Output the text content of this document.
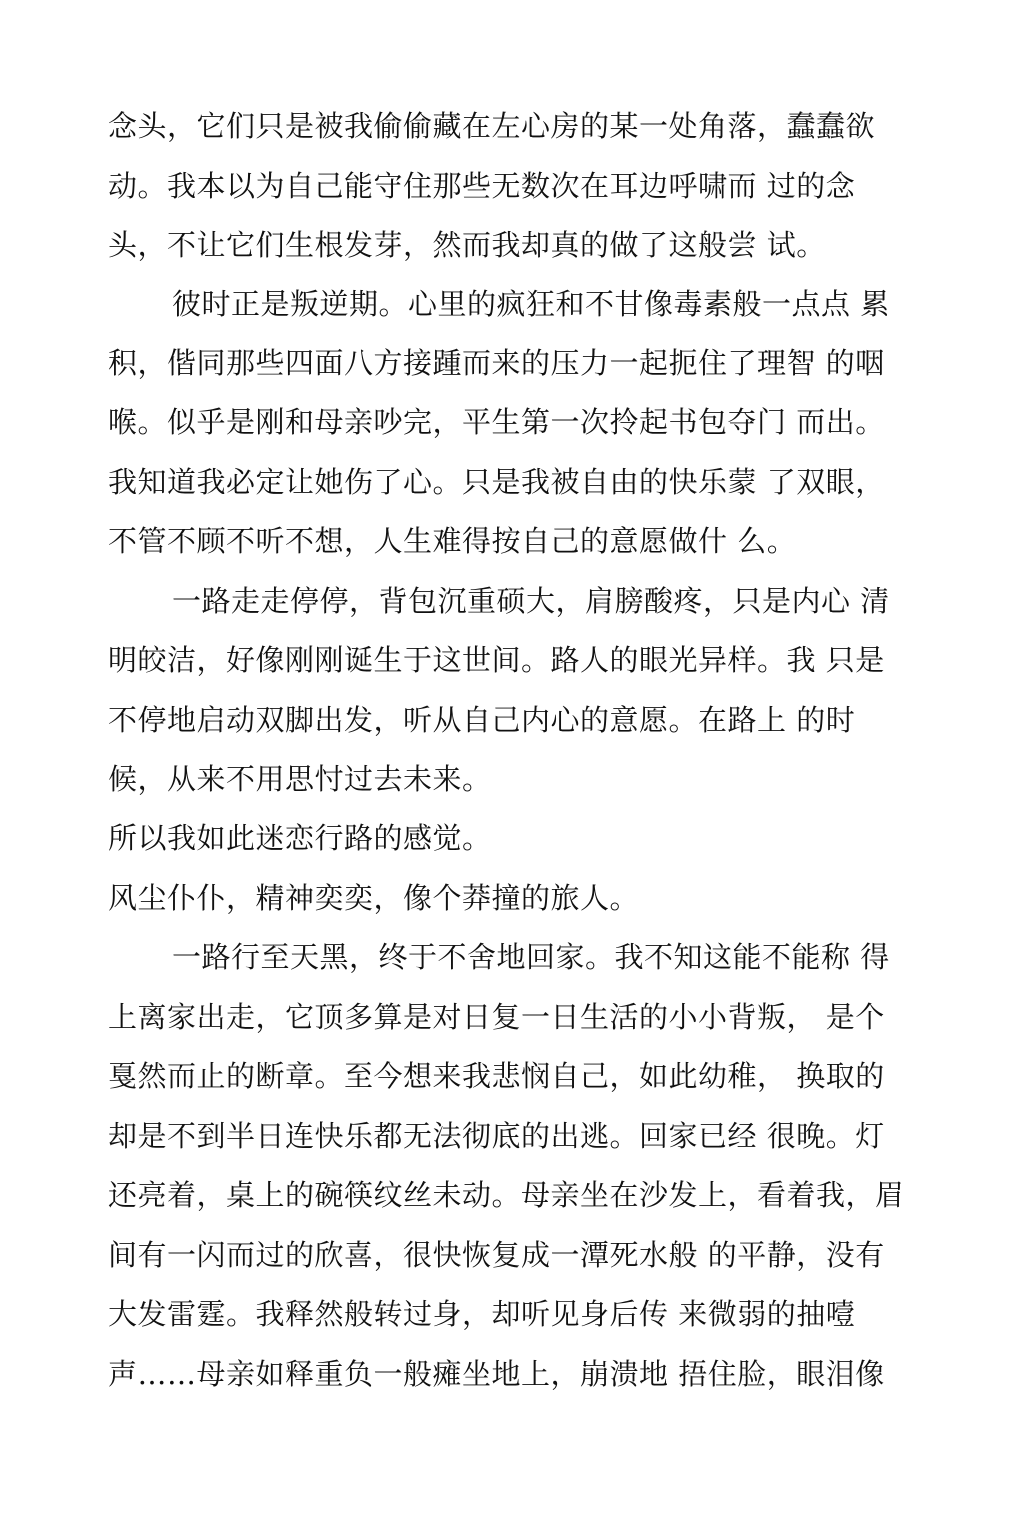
念头，它们只是被我偷偷藏在左心房的某一处角落，蠢蠢欲
动。我本以为自己能守住那些无数次在耳边呼啸而 过的念
头，不让它们生根发芽，然而我却真的做了这般尝 试。
彼时正是叛逆期。心里的疯狂和不甘像毒素般一点点 累
积，偕同那些四面八方接踵而来的压力一起扼住了理智 的咽
喉。似乎是刚和母亲吵完，平生第一次拎起书包夺门 而出。
我知道我必定让她伤了心。只是我被自由的快乐蒙 了双眼，
不管不顾不听不想，人生难得按自己的意愿做什 么。
一路走走停停，背包沉重硕大，肩膀酸疼，只是内心 清
明皎洁，好像刚刚诞生于这世间。路人的眼光异样。我 只是
不停地启动双脚出发，听从自己内心的意愿。在路上 的时
候，从来不用思忖过去未来。
所以我如此迷恋行路的感觉。
风尘仆仆，精神奕奕，像个莽撞的旅人。
一路行至天黑，终于不舍地回家。我不知这能不能称 得
上离家出走，它顶多算是对日复一日生活的小小背叛， 是个
戛然而止的断章。至今想来我悲悯自己，如此幼稚， 换取的
却是不到半日连快乐都无法彻底的出逃。回家已经 很晚。灯
还亮着，桌上的碗筷纹丝未动。母亲坐在沙发上，看着我，眉
间有一闪而过的欣喜，很快恢复成一潭死水般 的平静，没有
大发雷霆。我释然般转过身，却听见身后传 来微弱的抽噎
声……母亲如释重负一般瘫坐地上，崩溃地 捂住脸，眼泪像
